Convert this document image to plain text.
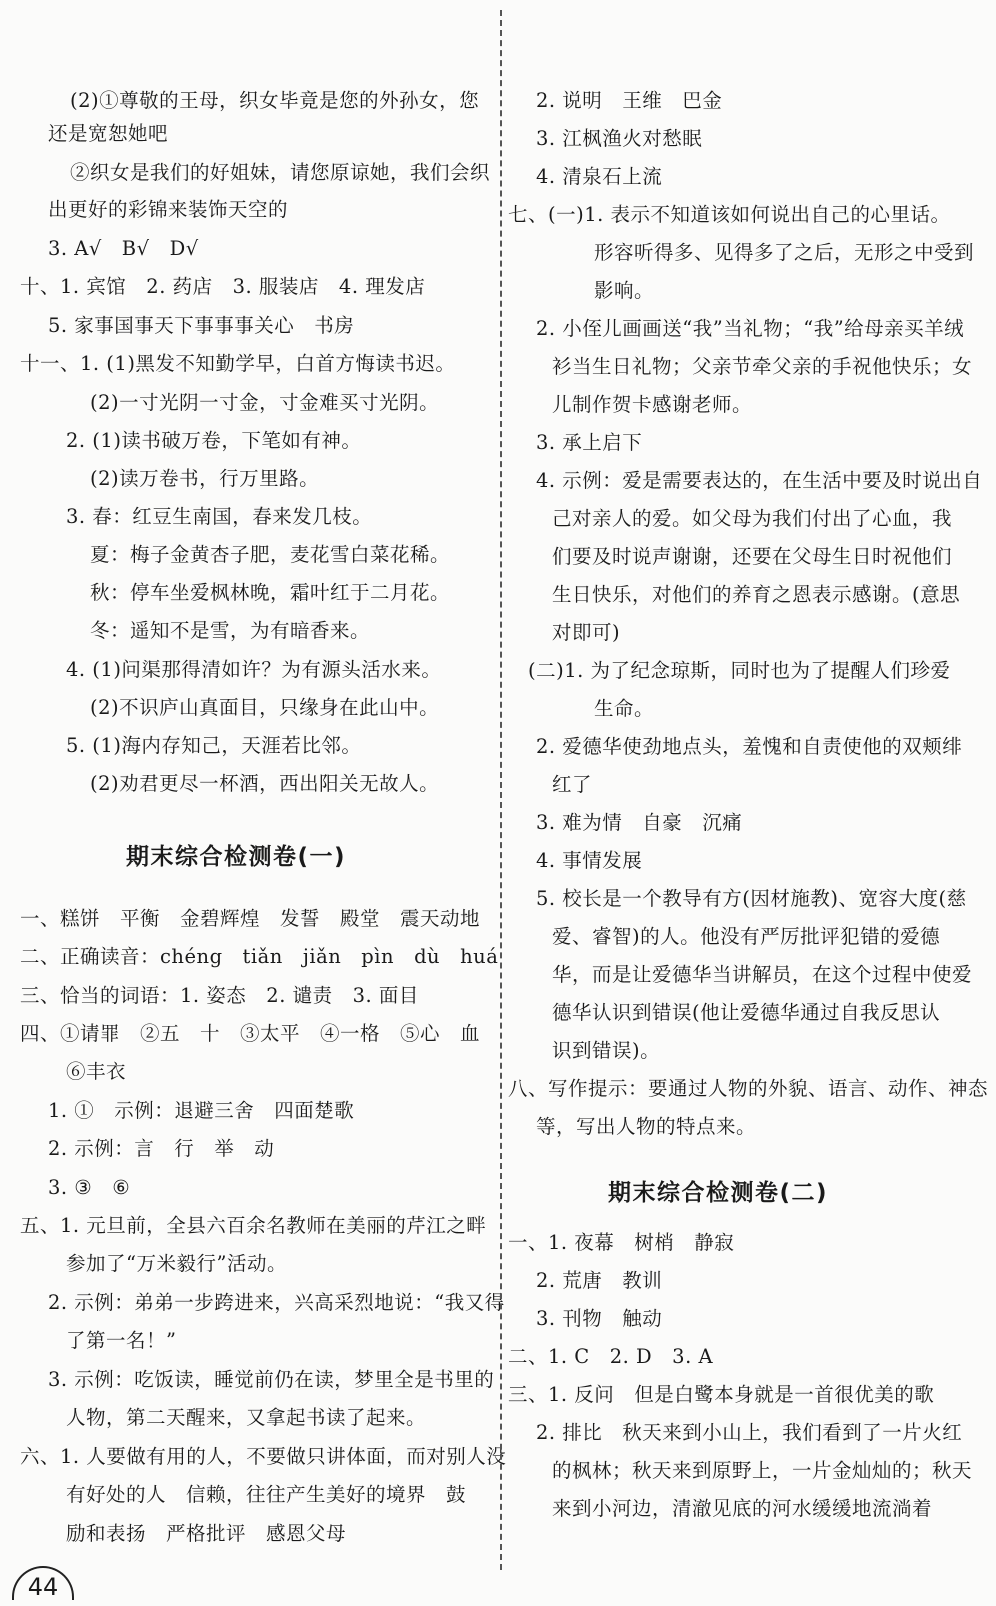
(2)①尊敬的王母，织女毕竟是您的外孙女，您
还是宽恕她吧
②织女是我们的好姐妹，请您原谅她，我们会织
出更好的彩锦来装饰天空的
3. A√　B√　D√
十、1. 宾馆　2. 药店　3. 服装店　4. 理发店
5. 家事国事天下事事事关心　书房
十一、1. (1)黑发不知勤学早，白首方悔读书迟。
(2)一寸光阴一寸金，寸金难买寸光阴。
2. (1)读书破万卷，下笔如有神。
(2)读万卷书，行万里路。
3. 春：红豆生南国，春来发几枝。
夏：梅子金黄杏子肥，麦花雪白菜花稀。
秋：停车坐爱枫林晚，霜叶红于二月花。
冬：遥知不是雪，为有暗香来。
4. (1)问渠那得清如许？为有源头活水来。
(2)不识庐山真面目，只缘身在此山中。
5. (1)海内存知己，天涯若比邻。
(2)劝君更尽一杯酒，西出阳关无故人。
期末综合检测卷(一)
一、糕饼　平衡　金碧辉煌　发誓　殿堂　震天动地
二、正确读音：chéng　tiǎn　jiǎn　pìn　dù　huá
三、恰当的词语：1. 姿态　2. 谴责　3. 面目
四、①请罪　②五　十　③太平　④一格　⑤心　血
⑥丰衣
1. ①　示例：退避三舍　四面楚歌
2. 示例：言　行　举　动
3. ③　⑥
五、1. 元旦前，全县六百余名教师在美丽的芹江之畔
参加了“万米毅行”活动。
2. 示例：弟弟一步跨进来，兴高采烈地说：“我又得
了第一名！”
3. 示例：吃饭读，睡觉前仍在读，梦里全是书里的
人物，第二天醒来，又拿起书读了起来。
六、1. 人要做有用的人，不要做只讲体面，而对别人没
有好处的人　信赖，往往产生美好的境界　鼓
励和表扬　严格批评　感恩父母
2. 说明　王维　巴金
3. 江枫渔火对愁眠
4. 清泉石上流
七、(一)1. 表示不知道该如何说出自己的心里话。
形容听得多、见得多了之后，无形之中受到
影响。
2. 小侄儿画画送“我”当礼物；“我”给母亲买羊绒
衫当生日礼物；父亲节牵父亲的手祝他快乐；女
儿制作贺卡感谢老师。
3. 承上启下
4. 示例：爱是需要表达的，在生活中要及时说出自
己对亲人的爱。如父母为我们付出了心血，我
们要及时说声谢谢，还要在父母生日时祝他们
生日快乐，对他们的养育之恩表示感谢。(意思
对即可)
(二)1. 为了纪念琼斯，同时也为了提醒人们珍爱
生命。
2. 爱德华使劲地点头，羞愧和自责使他的双颊绯
红了
3. 难为情　自豪　沉痛
4. 事情发展
5. 校长是一个教导有方(因材施教)、宽容大度(慈
爱、睿智)的人。他没有严厉批评犯错的爱德
华，而是让爱德华当讲解员，在这个过程中使爱
德华认识到错误(他让爱德华通过自我反思认
识到错误)。
八、写作提示：要通过人物的外貌、语言、动作、神态
等，写出人物的特点来。
期末综合检测卷(二)
一、1. 夜幕　树梢　静寂
2. 荒唐　教训
3. 刊物　触动
二、1. C　2. D　3. A
三、1. 反问　但是白鹭本身就是一首很优美的歌
2. 排比　秋天来到小山上，我们看到了一片火红
的枫林；秋天来到原野上，一片金灿灿的；秋天
来到小河边，清澈见底的河水缓缓地流淌着
44
